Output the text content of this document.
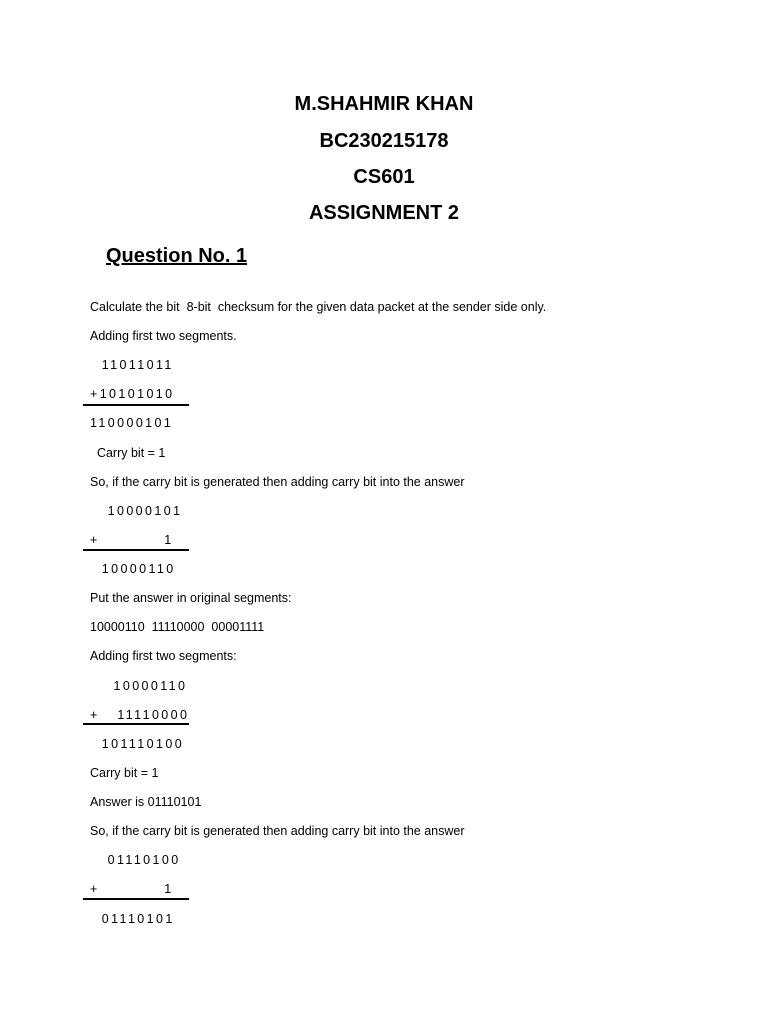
M.SHAHMIR KHAN
BC230215178
CS601
ASSIGNMENT 2
Question No. 1
Calculate the bit  8-bit  checksum for the given data packet at the sender side only.
Adding first two segments.
11011011
+10101010
110000101
Carry bit = 1
So, if the carry bit is generated then adding carry bit into the answer
10000101
+           1
10000110
Put the answer in original segments:
10000110  11110000  00001111
Adding first two segments:
10000110
+   11110000
101110100
Carry bit = 1
Answer is 01110101
So, if the carry bit is generated then adding carry bit into the answer
01110100
+           1
01110101
